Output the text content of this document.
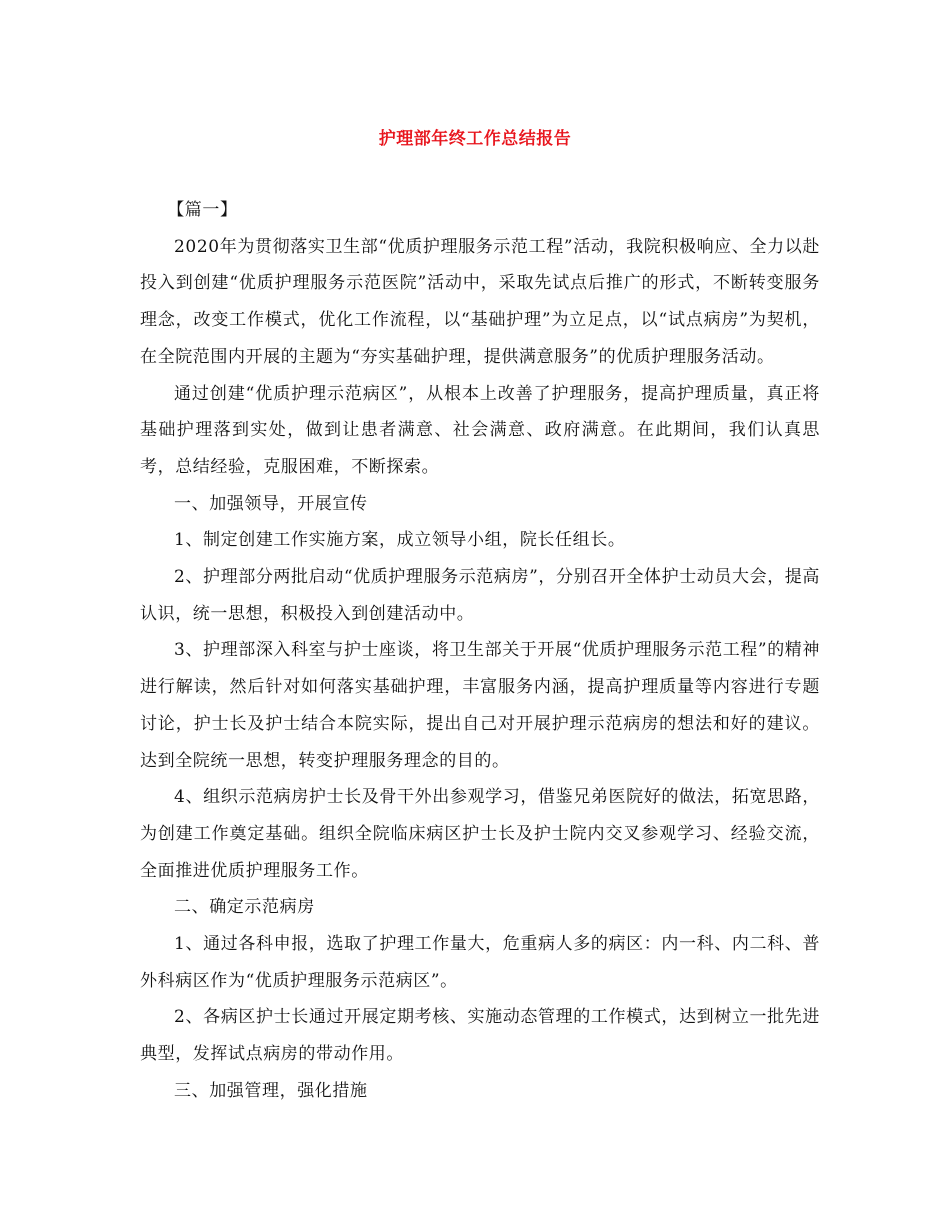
护理部年终工作总结报告

【篇一】

2020年为贯彻落实卫生部“优质护理服务示范工程”活动，我院积极响应、全力以赴投入到创建“优质护理服务示范医院”活动中，采取先试点后推广的形式，不断转变服务理念，改变工作模式，优化工作流程，以“基础护理”为立足点，以“试点病房”为契机，在全院范围内开展的主题为“夯实基础护理，提供满意服务”的优质护理服务活动。

通过创建“优质护理示范病区”，从根本上改善了护理服务，提高护理质量，真正将基础护理落到实处，做到让患者满意、社会满意、政府满意。在此期间，我们认真思考，总结经验，克服困难，不断探索。

一、加强领导，开展宣传

1、制定创建工作实施方案，成立领导小组，院长任组长。

2、护理部分两批启动“优质护理服务示范病房”，分别召开全体护士动员大会，提高认识，统一思想，积极投入到创建活动中。

3、护理部深入科室与护士座谈，将卫生部关于开展“优质护理服务示范工程”的精神进行解读，然后针对如何落实基础护理，丰富服务内涵，提高护理质量等内容进行专题讨论，护士长及护士结合本院实际，提出自己对开展护理示范病房的想法和好的建议。达到全院统一思想，转变护理服务理念的目的。

4、组织示范病房护士长及骨干外出参观学习，借鉴兄弟医院好的做法，拓宽思路，为创建工作奠定基础。组织全院临床病区护士长及护士院内交叉参观学习、经验交流，全面推进优质护理服务工作。

二、确定示范病房

1、通过各科申报，选取了护理工作量大，危重病人多的病区：内一科、内二科、普外科病区作为“优质护理服务示范病区”。

2、各病区护士长通过开展定期考核、实施动态管理的工作模式，达到树立一批先进典型，发挥试点病房的带动作用。

三、加强管理，强化措施
